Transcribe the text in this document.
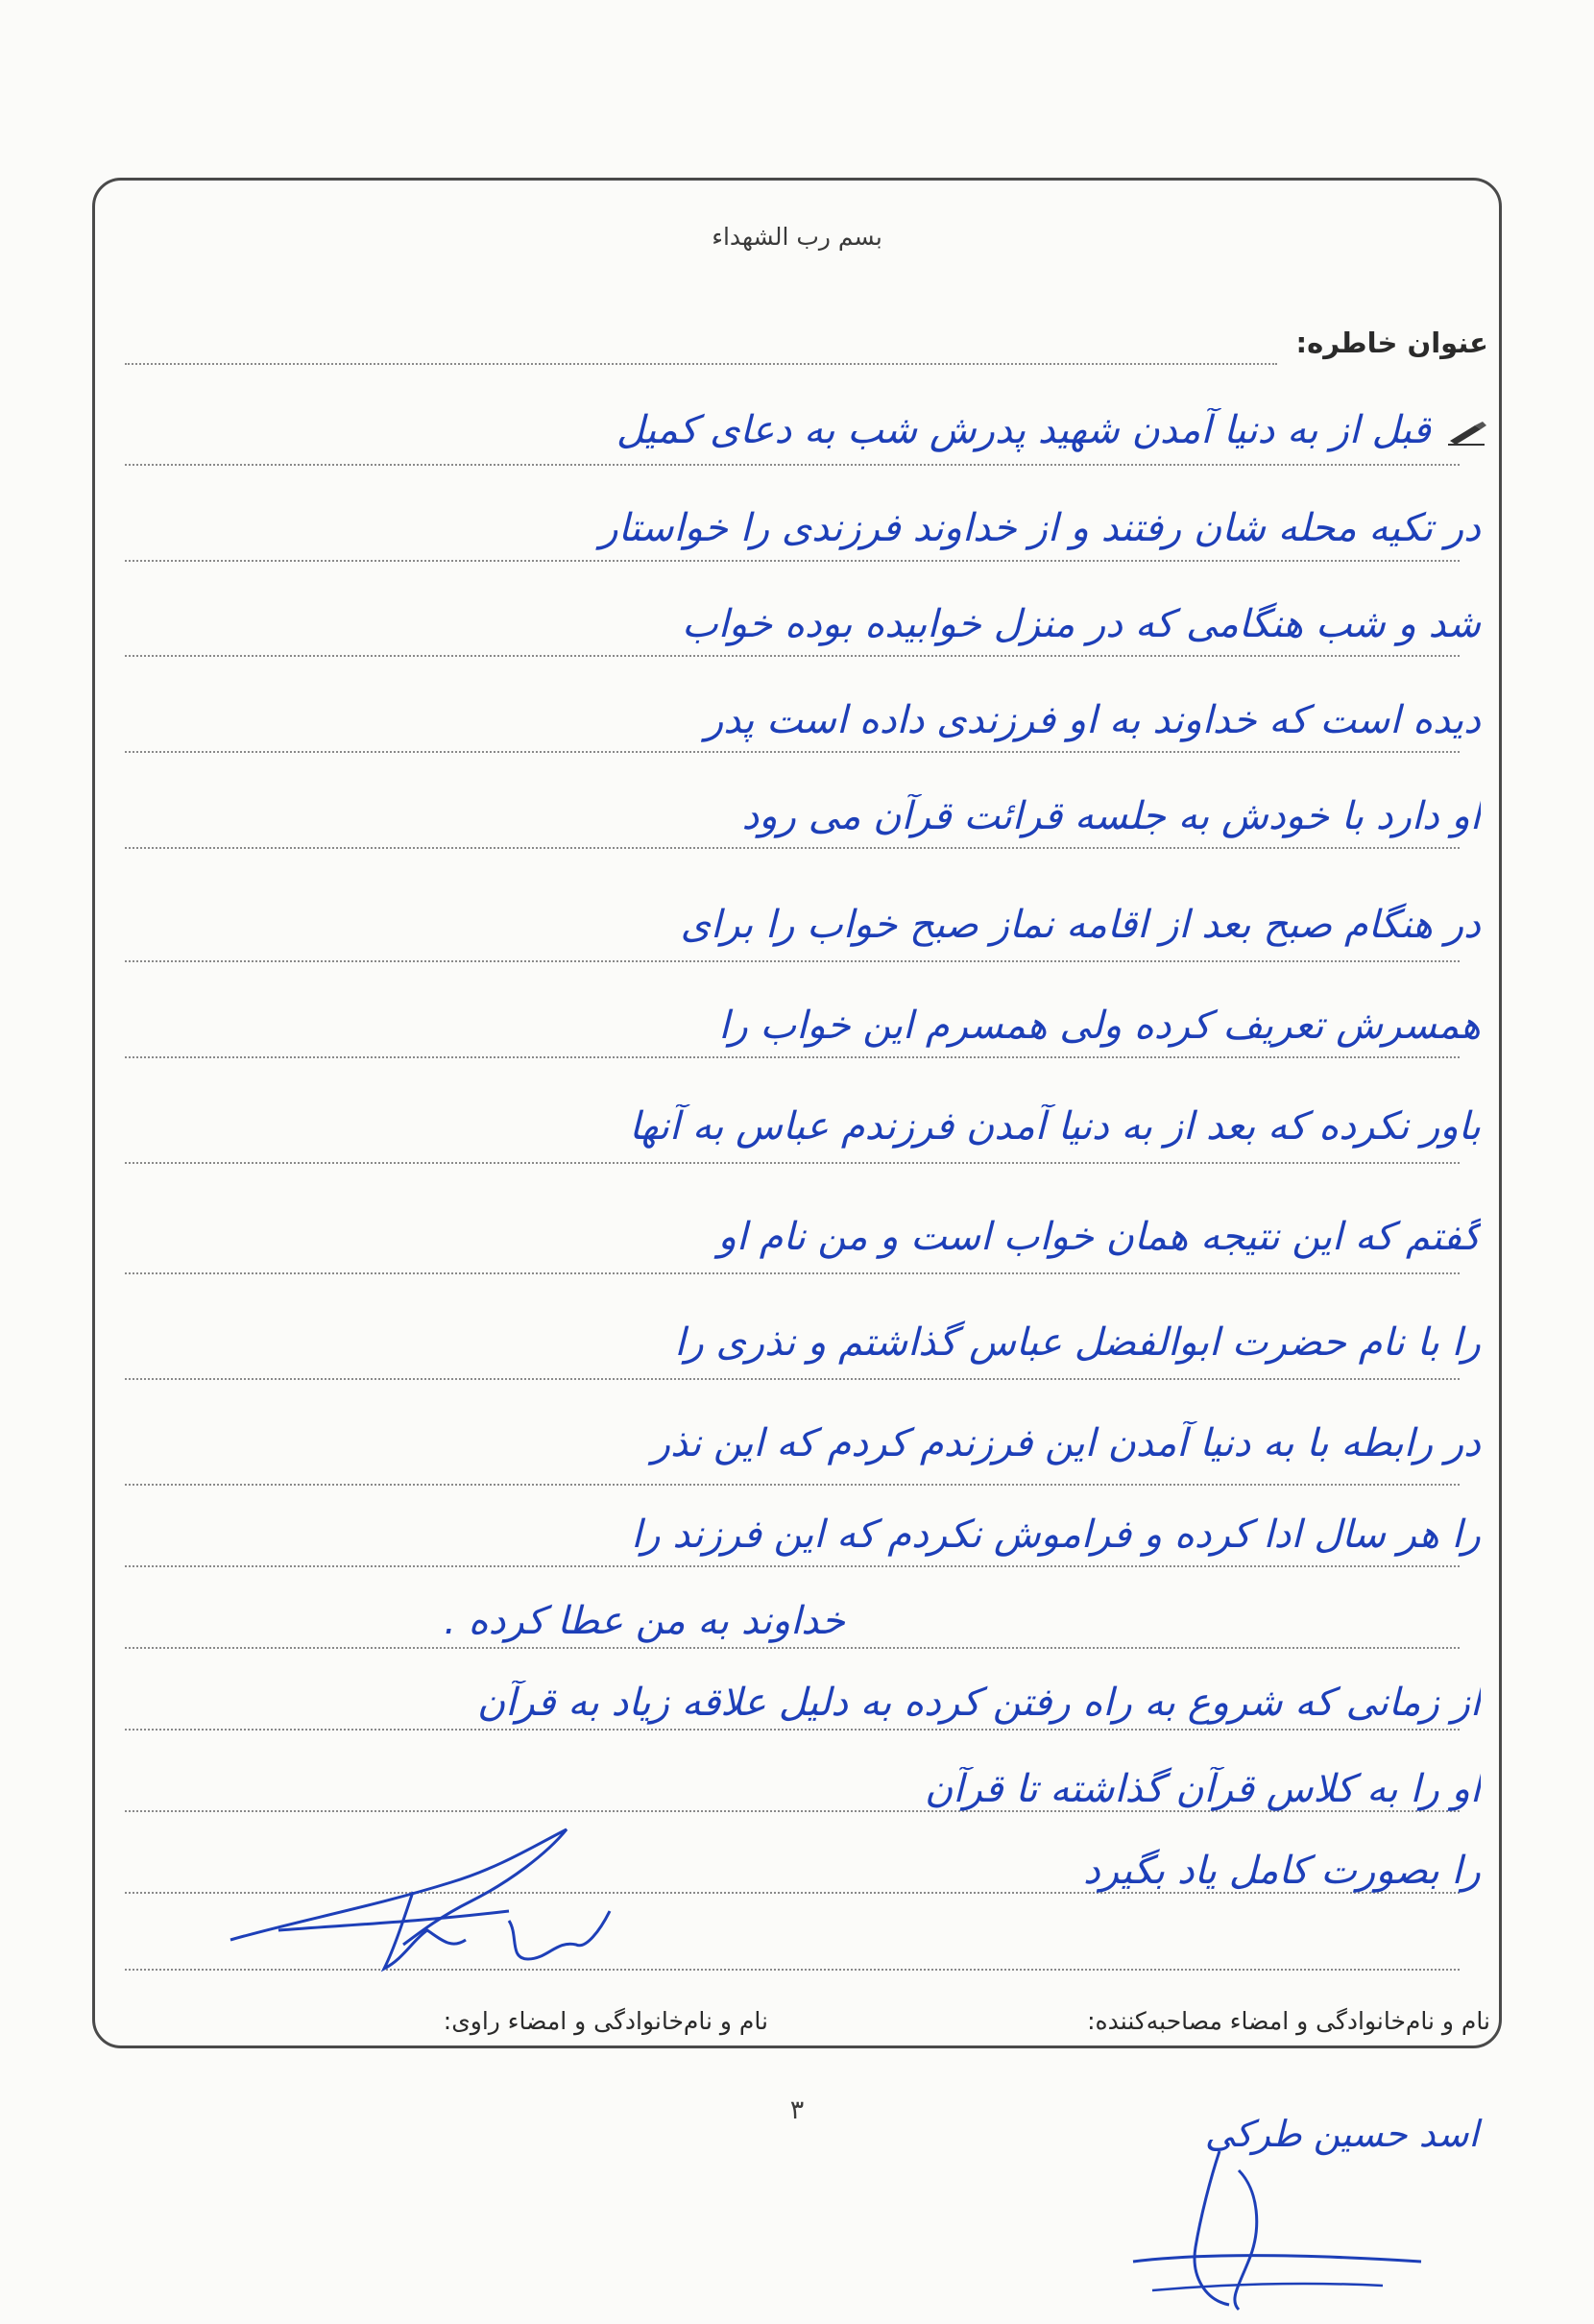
بسم رب الشهداء
عنوان خاطره:
قبل از به دنیا آمدن شهید پدرش شب به دعای کمیل
در تکیه محله شان رفتند و از خداوند فرزندی را خواستار
شد و شب هنگامی که در منزل خوابیده بوده خواب
دیده است که خداوند به او فرزندی داده است پدر
او دارد با خودش به جلسه قرائت قرآن می رود
در هنگام صبح بعد از اقامه نماز صبح خواب را برای
همسرش تعریف کرده ولی همسرم این خواب را
باور نکرده که بعد از به دنیا آمدن فرزندم عباس به آنها
گفتم که این نتیجه همان خواب است و من نام او
را با نام حضرت ابوالفضل عباس گذاشتم و نذری را
در رابطه با به دنیا آمدن این فرزندم کردم که این نذر
را هر سال ادا کرده و فراموش نکردم که این فرزند را
خداوند به من عطا کرده .
از زمانی که شروع به راه رفتن کرده به دلیل علاقه زیاد به قرآن
او را به کلاس قرآن گذاشته تا قرآن
را بصورت کامل یاد بگیرد
نام و نام‌خانوادگی و امضاء مصاحبه‌کننده:
نام و نام‌خانوادگی و امضاء راوی:
۳
اسد حسین طرکی
